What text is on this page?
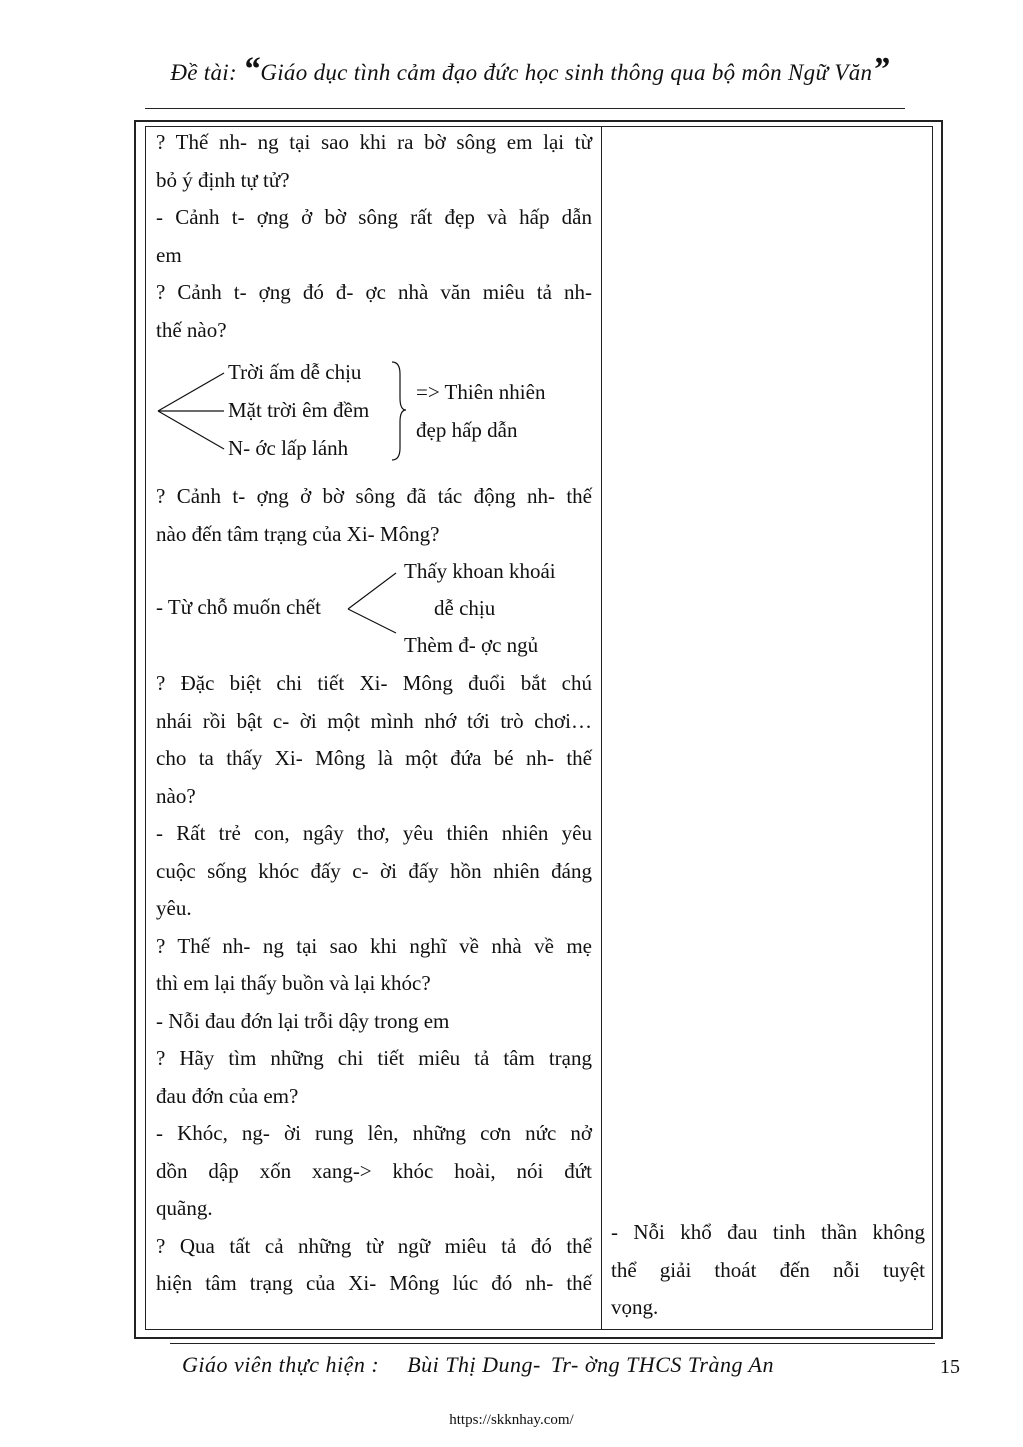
Đề tài: “Giáo dục tình cảm đạo đức học sinh thông qua bộ môn Ngữ Văn”

? Thế nh- ng tại sao khi ra bờ sông em lại từ

bỏ ý định tự tử?

- Cảnh t- ợng ở bờ sông rất đẹp và hấp dẫn

em

? Cảnh t- ợng đó đ- ợc nhà văn miêu tả nh-

thế nào?

Trời ấm dễ chịu
Mặt trời êm đềm
N- ớc lấp lánh
=> Thiên nhiên
đẹp hấp dẫn

? Cảnh t- ợng ở bờ sông đã tác động nh- thế

nào đến tâm trạng của Xi- Mông?

- Từ chỗ muốn chết
Thấy khoan khoái
dễ chịu
Thèm đ- ợc ngủ

? Đặc biệt chi tiết Xi- Mông đuổi bắt chú

nhái rồi bật c- ời một mình nhớ tới trò chơi…

cho ta thấy Xi- Mông là một đứa bé nh- thế

nào?

- Rất trẻ con, ngây thơ, yêu thiên nhiên yêu

cuộc sống khóc đấy c- ời đấy hồn nhiên đáng

yêu.

? Thế nh- ng tại sao khi nghĩ về nhà về mẹ

thì em lại thấy buồn và lại khóc?

- Nỗi đau đớn lại trỗi dậy trong em

? Hãy tìm những chi tiết miêu tả tâm trạng

đau đớn của em?

- Khóc, ng- ời rung lên, những cơn nức nở

dồn dập xốn xang-> khóc hoài, nói đứt

quãng.

? Qua tất cả những từ ngữ miêu tả đó thể

hiện tâm trạng của Xi- Mông lúc đó nh- thế

- Nỗi khổ đau tinh thần không

thể giải thoát đến nỗi tuyệt

vọng.

Giáo viên thực hiện : Bùi Thị Dung- Tr- ờng THCS Tràng An	15
https://skknhay.com/
